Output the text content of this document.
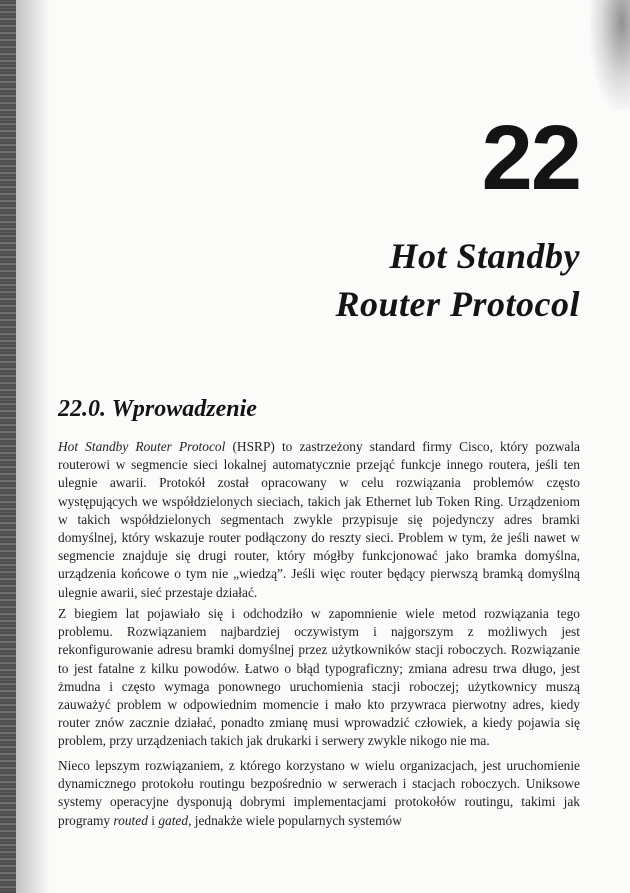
22
Hot Standby
Router Protocol
22.0. Wprowadzenie

Hot Standby Router Protocol (HSRP) to zastrzeżony standard firmy Cisco, który pozwala routerowi w segmencie sieci lokalnej automatycznie przejąć funkcje innego routera, jeśli ten ulegnie awarii. Protokół został opracowany w celu rozwiązania problemów często występujących we współdzielonych sieciach, takich jak Ethernet lub Token Ring. Urządzeniom w takich współdzielonych segmentach zwykle przypisuje się pojedynczy adres bramki domyślnej, który wskazuje router podłączony do reszty sieci. Problem w tym, że jeśli nawet w segmencie znajduje się drugi router, który mógłby funkcjonować jako bramka domyślna, urządzenia końcowe o tym nie „wiedzą”. Jeśli więc router będący pierwszą bramką domyślną ulegnie awarii, sieć przestaje działać.

Z biegiem lat pojawiało się i odchodziło w zapomnienie wiele metod rozwiązania tego problemu. Rozwiązaniem najbardziej oczywistym i najgorszym z możliwych jest rekonfigurowanie adresu bramki domyślnej przez użytkowników stacji roboczych. Rozwiązanie to jest fatalne z kilku powodów. Łatwo o błąd typograficzny; zmiana adresu trwa długo, jest żmudna i często wymaga ponownego uruchomienia stacji roboczej; użytkownicy muszą zauważyć problem w odpowiednim momencie i mało kto przywraca pierwotny adres, kiedy router znów zacznie działać, ponadto zmianę musi wprowadzić człowiek, a kiedy pojawia się problem, przy urządzeniach takich jak drukarki i serwery zwykle nikogo nie ma.

Nieco lepszym rozwiązaniem, z którego korzystano w wielu organizacjach, jest uruchomienie dynamicznego protokołu routingu bezpośrednio w serwerach i stacjach roboczych. Uniksowe systemy operacyjne dysponują dobrymi implementacjami protokołów routingu, takimi jak programy routed i gated, jednakże wiele popularnych systemów
